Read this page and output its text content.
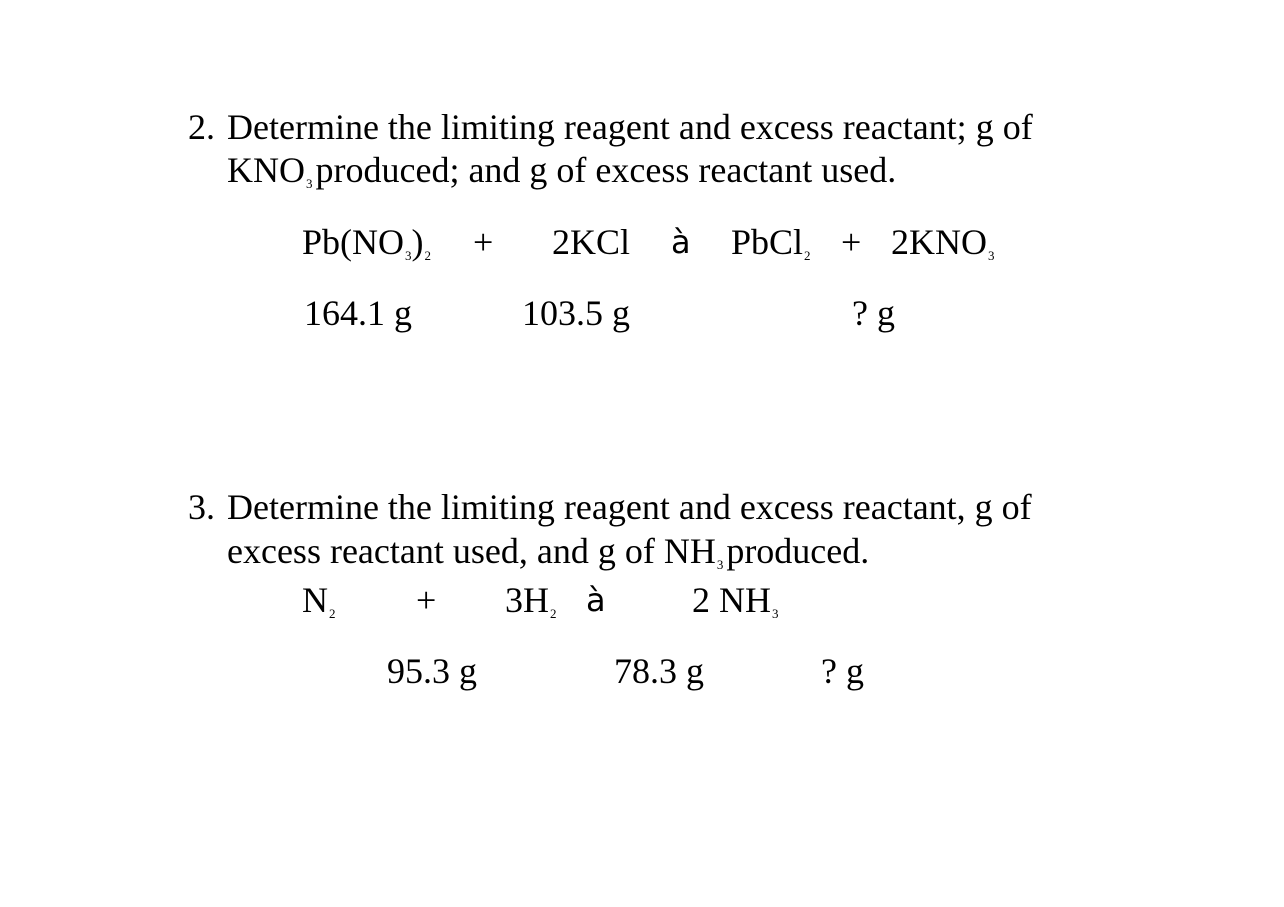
2. Determine the limiting reagent and excess reactant; g of
KNO3produced; and g of excess reactant used.
Pb(NO3)2 + 2KCl à PbCl2 + 2KNO3
164.1 g	103.5 g	? g
3. Determine the limiting reagent and excess reactant, g of
excess reactant used, and g of NH3produced.
N2 + 3H2 à 2 NH3
95.3 g	78.3 g	? g
